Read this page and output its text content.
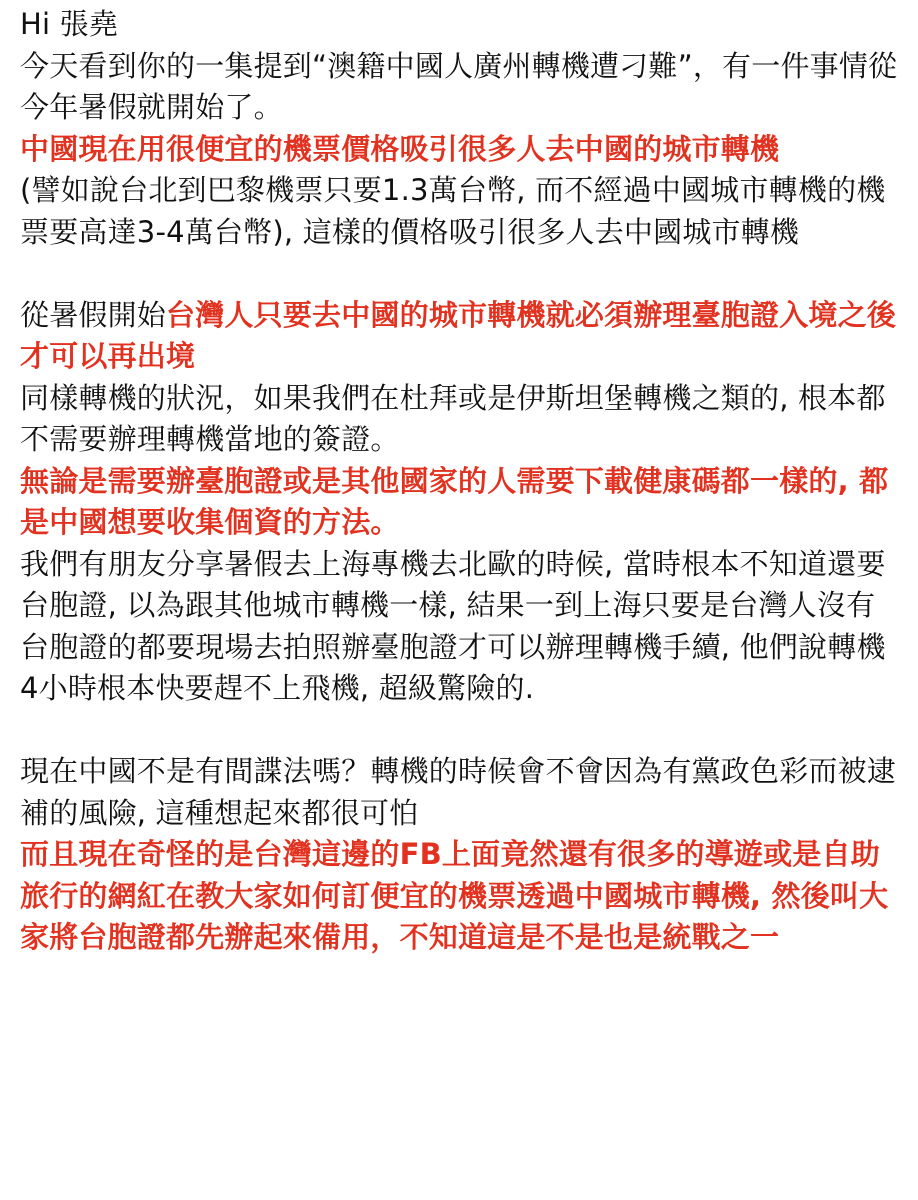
Hi 張堯

今天看到你的一集提到“澳籍中國人廣州轉機遭刁難”，有一件事情從今年暑假就開始了。

中國現在用很便宜的機票價格吸引很多人去中國的城市轉機

(譬如說台北到巴黎機票只要1.3萬台幣, 而不經過中國城市轉機的機票要高達3-4萬台幣), 這樣的價格吸引很多人去中國城市轉機

從暑假開始台灣人只要去中國的城市轉機就必須辦理臺胞證入境之後才可以再出境

同樣轉機的狀況，如果我們在杜拜或是伊斯坦堡轉機之類的, 根本都不需要辦理轉機當地的簽證。

無論是需要辦臺胞證或是其他國家的人需要下載健康碼都一樣的, 都是中國想要收集個資的方法。

我們有朋友分享暑假去上海專機去北歐的時候, 當時根本不知道還要台胞證, 以為跟其他城市轉機一樣, 結果一到上海只要是台灣人沒有台胞證的都要現場去拍照辦臺胞證才可以辦理轉機手續, 他們說轉機4小時根本快要趕不上飛機, 超級驚險的.

現在中國不是有間諜法嗎？轉機的時候會不會因為有黨政色彩而被逮補的風險, 這種想起來都很可怕

而且現在奇怪的是台灣這邊的FB上面竟然還有很多的導遊或是自助旅行的網紅在教大家如何訂便宜的機票透過中國城市轉機, 然後叫大家將台胞證都先辦起來備用，不知道這是不是也是統戰之一
